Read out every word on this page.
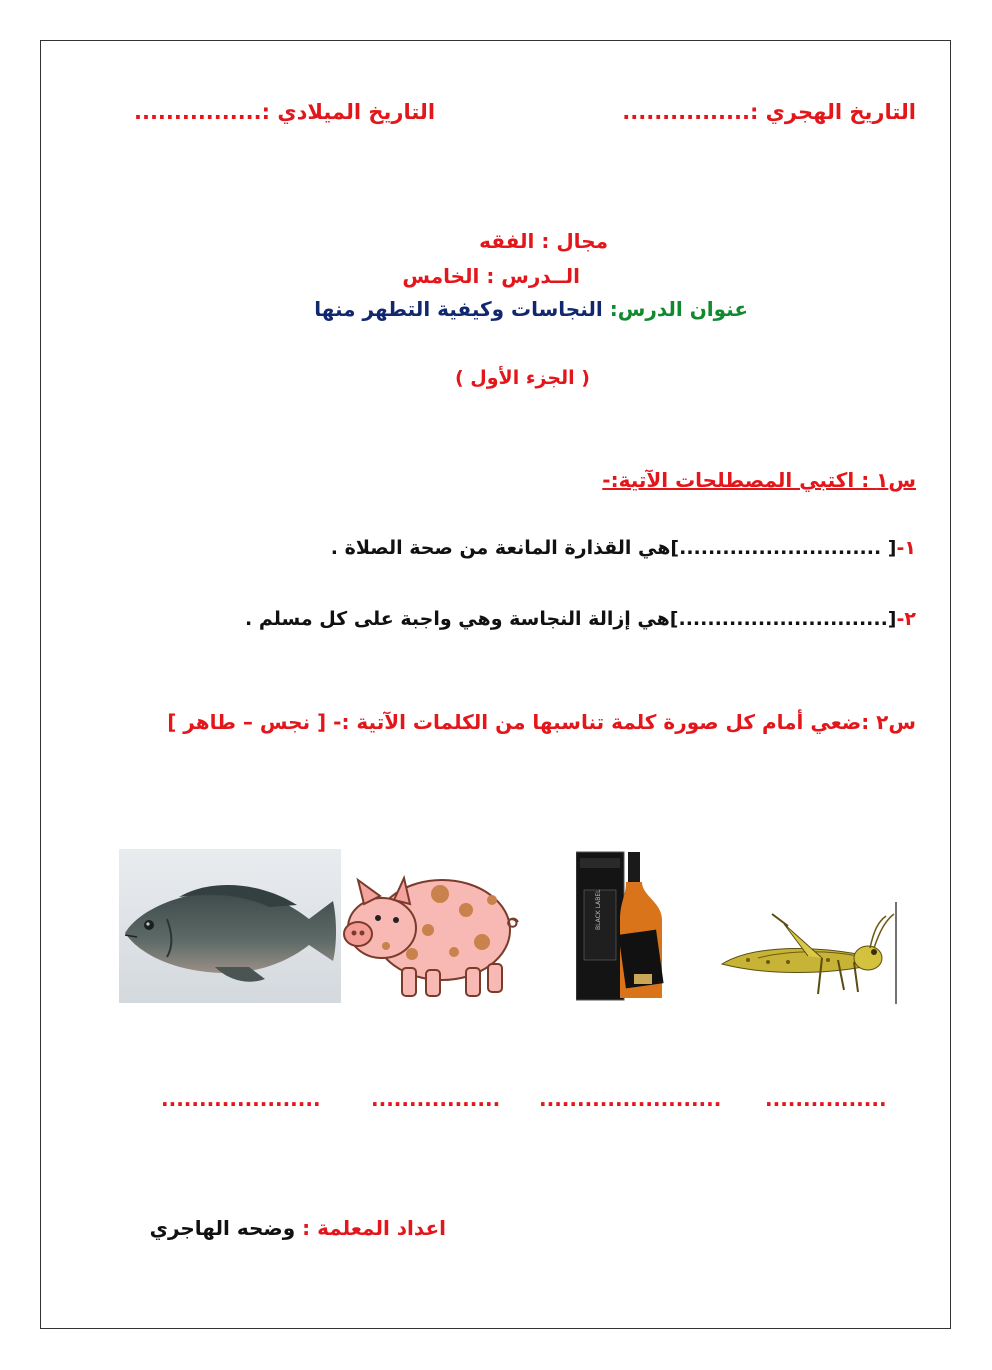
التاريخ الهجري :................
التاريخ الميلادي :................
مجال : الفقه
الــدرس : الخامس
عنوان الدرس: النجاسات وكيفية التطهر منها
( الجزء الأول )
س١ : اكتبي المصطلحات الآتية:-
١-[ ............................]هي القذارة المانعة من صحة الصلاة .
٢-[.............................]هي إزالة النجاسة وهي واجبة على كل مسلم .
س٢ :ضعي أمام كل صورة كلمة تناسبها من الكلمات الآتية :- [ نجس – طاهر ]
BLACK LABEL
................
........................
.................
.....................
اعداد المعلمة : وضحه الهاجري
